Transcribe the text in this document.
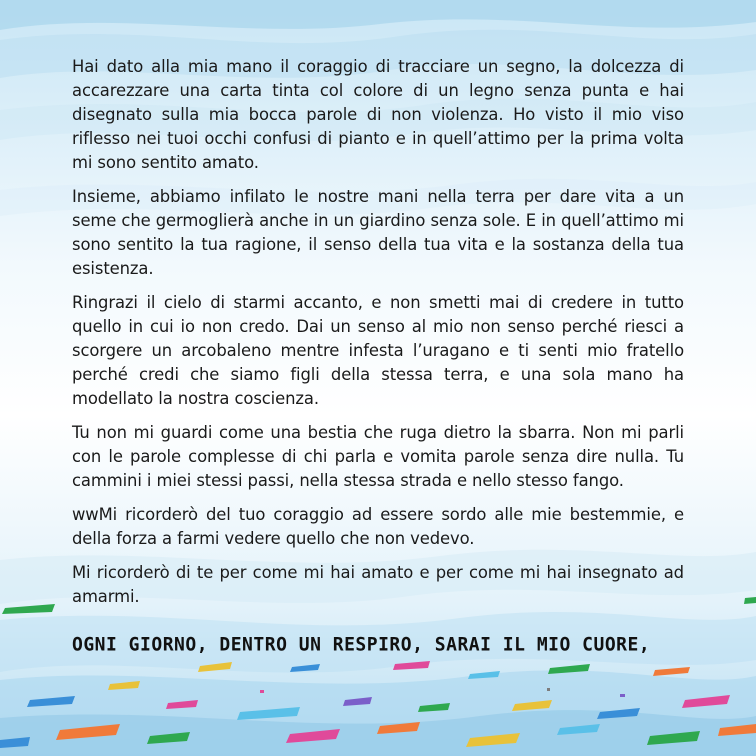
Hai dato alla mia mano il coraggio di tracciare un segno, la dolcezza di accarezzare una carta tinta col colore di un legno senza punta e hai disegnato sulla mia bocca parole di non violenza. Ho visto il mio viso riflesso nei tuoi occhi confusi di pianto e in quell’attimo per la prima volta mi sono sentito amato.

Insieme, abbiamo infilato le nostre mani nella terra per dare vita a un seme che germoglierà anche in un giardino senza sole. E in quell’attimo mi sono sentito la tua ragione, il senso della tua vita e la sostanza della tua esistenza.

Ringrazi il cielo di starmi accanto, e non smetti mai di credere in tutto quello in cui io non credo. Dai un senso al mio non senso perché riesci a scorgere un arcobaleno mentre infesta l’uragano e ti senti mio fratello perché credi che siamo figli della stessa terra, e una sola mano ha modellato la nostra coscienza.

Tu non mi guardi come una bestia che ruga dietro la sbarra. Non mi parli con le parole complesse di chi parla e vomita parole senza dire nulla. Tu cammini i miei stessi passi, nella stessa strada e nello stesso fango.

wwMi ricorderò del tuo coraggio ad essere sordo alle mie bestemmie, e della forza a farmi vedere quello che non vedevo.

Mi ricorderò di te per come mi hai amato e per come mi hai insegnato ad amarmi.

OGNI GIORNO, DENTRO UN RESPIRO, SARAI IL MIO CUORE,
